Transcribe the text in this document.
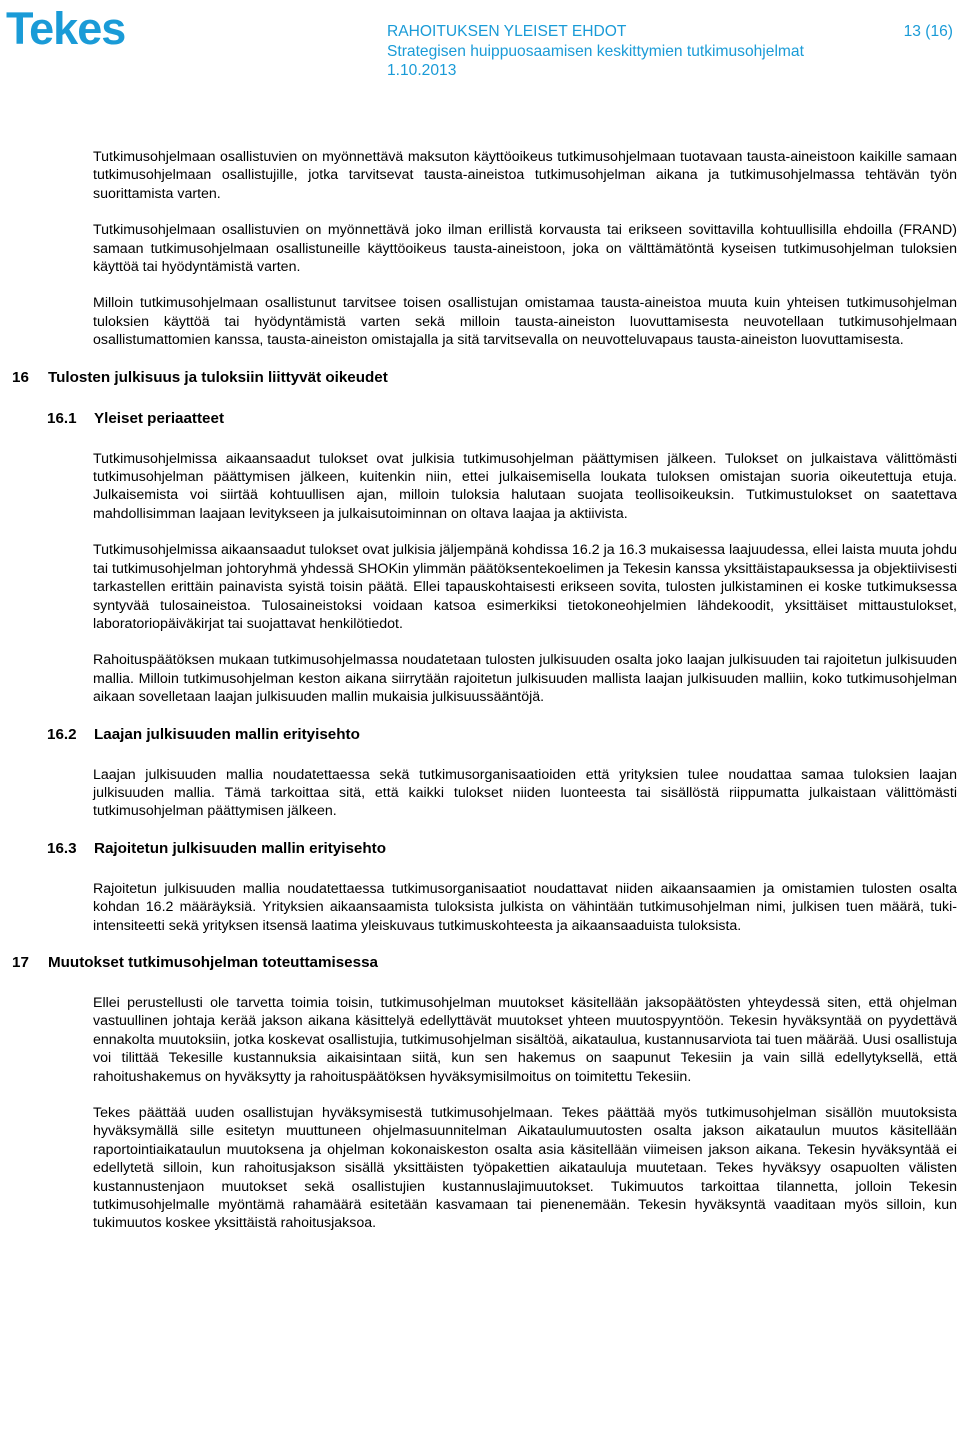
Tekes	RAHOITUKSEN YLEISET EHDOT	13 (16)
Strategisen huippuosaamisen keskittymien tutkimusohjelmat
1.10.2013

Tutkimusohjelmaan osallistuvien on myönnettävä maksuton käyttöoikeus tutkimusohjelmaan tuotavaan tausta-aineistoon kaikille samaan tutkimusohjelmaan osallistujille, jotka tarvitsevat tausta-aineistoa tutkimusohjelman aikana ja tutkimusohjelmassa tehtävän työn suorittamista varten.

Tutkimusohjelmaan osallistuvien on myönnettävä joko ilman erillistä korvausta tai erikseen sovittavilla kohtuullisilla ehdoilla (FRAND) samaan tutkimusohjelmaan osallistuneille käyttöoikeus tausta-aineistoon, joka on välttämätöntä kyseisen tutkimusohjelman tuloksien käyttöä tai hyödyntämistä varten.

Milloin tutkimusohjelmaan osallistunut tarvitsee toisen osallistujan omistamaa tausta-aineistoa muuta kuin yhteisen tutkimusohjelman tuloksien käyttöä tai hyödyntämistä varten sekä milloin tausta-aineiston luovuttamisesta neuvotellaan tutkimusohjelmaan osallistumattomien kanssa, tausta-aineiston omistajalla ja sitä tarvitsevalla on neuvotteluvapaus tausta-aineiston luovuttamisesta.

16 Tulosten julkisuus ja tuloksiin liittyvät oikeudet
16.1 Yleiset periaatteet

Tutkimusohjelmissa aikaansaadut tulokset ovat julkisia tutkimusohjelman päättymisen jälkeen. Tulokset on julkaistava välittömästi tutkimusohjelman päättymisen jälkeen, kuitenkin niin, ettei julkaisemisella loukata tuloksen omistajan suoria oikeutettuja etuja. Julkaisemista voi siirtää kohtuullisen ajan, milloin tuloksia halutaan suojata teollisoikeuksin. Tutkimustulokset on saatettava mahdollisimman laajaan levitykseen ja julkaisutoiminnan on oltava laajaa ja aktiivista.

Tutkimusohjelmissa aikaansaadut tulokset ovat julkisia jäljempänä kohdissa 16.2 ja 16.3 mukaisessa laajuudessa, ellei laista muuta johdu tai tutkimusohjelman johtoryhmä yhdessä SHOKin ylimmän päätöksentekoelimen ja Tekesin kanssa yksittäistapauksessa ja objektiivisesti tarkastellen erittäin painavista syistä toisin päätä. Ellei tapauskohtaisesti erikseen sovita, tulosten julkistaminen ei koske tutkimuksessa syntyvää tulosaineistoa. Tulosaineistoksi voidaan katsoa esimerkiksi tietokoneohjelmien lähdekoodit, yksittäiset mittaustulokset, laboratoriopäiväkirjat tai suojattavat henkilötiedot.

Rahoituspäätöksen mukaan tutkimusohjelmassa noudatetaan tulosten julkisuuden osalta joko laajan julkisuuden tai rajoitetun julkisuuden mallia. Milloin tutkimusohjelman keston aikana siirrytään rajoitetun julkisuuden mallista laajan julkisuuden malliin, koko tutkimusohjelman aikaan sovelletaan laajan julkisuuden mallin mukaisia julkisuussääntöjä.

16.2 Laajan julkisuuden mallin erityisehto

Laajan julkisuuden mallia noudatettaessa sekä tutkimusorganisaatioiden että yrityksien tulee noudattaa samaa tuloksien laajan julkisuuden mallia. Tämä tarkoittaa sitä, että kaikki tulokset niiden luonteesta tai sisällöstä riippumatta julkaistaan välittömästi tutkimusohjelman päättymisen jälkeen.

16.3 Rajoitetun julkisuuden mallin erityisehto

Rajoitetun julkisuuden mallia noudatettaessa tutkimusorganisaatiot noudattavat niiden aikaansaamien ja omistamien tulosten osalta kohdan 16.2 määräyksiä. Yrityksien aikaansaamista tuloksista julkista on vähintään tutkimusohjelman nimi, julkisen tuen määrä, tuki-intensiteetti sekä yrityksen itsensä laatima yleiskuvaus tutkimuskohteesta ja aikaansaaduista tuloksista.

17 Muutokset tutkimusohjelman toteuttamisessa

Ellei perustellusti ole tarvetta toimia toisin, tutkimusohjelman muutokset käsitellään jaksopäätösten yhteydessä siten, että ohjelman vastuullinen johtaja kerää jakson aikana käsittelyä edellyttävät muutokset yhteen muutospyyntöön. Tekesin hyväksyntää on pyydettävä ennakolta muutoksiin, jotka koskevat osallistujia, tutkimusohjelman sisältöä, aikataulua, kustannusarviota tai tuen määrää. Uusi osallistuja voi tilittää Tekesille kustannuksia aikaisintaan siitä, kun sen hakemus on saapunut Tekesiin ja vain sillä edellytyksellä, että rahoitushakemus on hyväksytty ja rahoituspäätöksen hyväksymisilmoitus on toimitettu Tekesiin.

Tekes päättää uuden osallistujan hyväksymisestä tutkimusohjelmaan. Tekes päättää myös tutkimusohjelman sisällön muutoksista hyväksymällä sille esitetyn muuttuneen ohjelmasuunnitelman Aikataulumuutosten osalta jakson aikataulun muutos käsitellään raportointiaikataulun muutoksena ja ohjelman kokonaiskeston osalta asia käsitellään viimeisen jakson aikana. Tekesin hyväksyntää ei edellytetä silloin, kun rahoitusjakson sisällä yksittäisten työpakettien aikatauluja muutetaan. Tekes hyväksyy osapuolten välisten kustannustenjaon muutokset sekä osallistujien kustannuslajimuutokset. Tukimuutos tarkoittaa tilannetta, jolloin Tekesin tutkimusohjelmalle myöntämä rahamäärä esitetään kasvamaan tai pienenemään. Tekesin hyväksyntä vaaditaan myös silloin, kun tukimuutos koskee yksittäistä rahoitusjaksoa.
